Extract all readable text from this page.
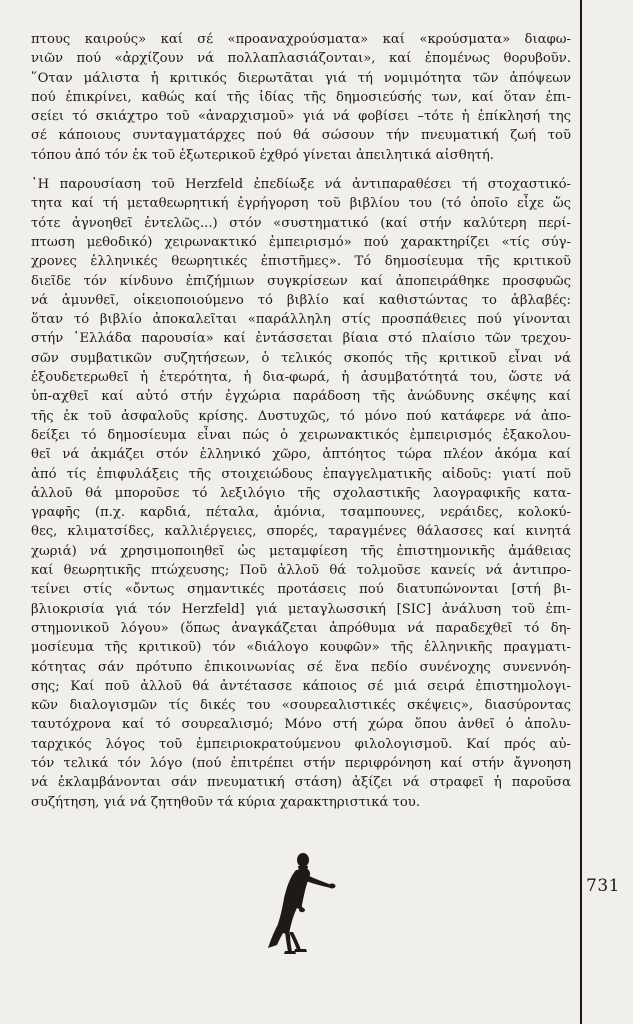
πτους καιρούς» καί σέ «προαναχρούσματα» καί «κρούσματα» διαφω-
νιῶν πού «ἀρχίζουν νά πολλαπλασιάζονται», καί ἐπομένως θορυβοῦν.
῞Οταν μάλιστα ἡ κριτικός διερωτᾶται γιά τή νομιμότητα τῶν ἀπόψεων
πού ἐπικρίνει, καθώς καί τῆς ἰδίας τῆς δημοσιεύσής των, καί ὅταν ἐπι-
σείει τό σκιάχτρο τοῦ «ἀναρχισμοῦ» γιά νά φοβίσει –τότε ἡ ἐπίκλησή της
σέ κάποιους συνταγματάρχες πού θά σώσουν τήν πνευματική ζωή τοῦ
τόπου ἀπό τόν ἐκ τοῦ ἐξωτερικοῦ ἐχθρό γίνεται ἀπειλητικά αἰσθητή.

῾Η παρουσίαση τοῦ Herzfeld ἐπεδίωξε νά ἀντιπαραθέσει τή στοχαστικό-
τητα καί τή μεταθεωρητική ἐγρήγορση τοῦ βιβλίου του (τό ὁποῖο εἶχε ὥς
τότε ἀγνοηθεῖ ἐντελῶς...) στόν «συστηματικό (καί στήν καλύτερη περί-
πτωση μεθοδικό) χειρωνακτικό ἐμπειρισμό» πού χαρακτηρίζει «τίς σύγ-
χρονες ἑλληνικές θεωρητικές ἐπιστῆμες». Τό δημοσίευμα τῆς κριτικοῦ
διεῖδε τόν κίνδυνο ἐπιζήμιων συγκρίσεων καί ἀποπειράθηκε προσφυῶς
νά ἀμυνθεῖ, οἰκειοποιούμενο τό βιβλίο καί καθιστώντας το ἀβλαβές:
ὅταν τό βιβλίο ἀποκαλεῖται «παράλληλη στίς προσπάθειες πού γίνονται
στήν ῾Ελλάδα παρουσία» καί ἐντάσσεται βίαια στό πλαίσιο τῶν τρεχου-
σῶν συμβατικῶν συζητήσεων, ὁ τελικός σκοπός τῆς κριτικοῦ εἶναι νά
ἐξουδετερωθεῖ ἡ ἑτερότητα, ἡ δια-φωρά, ἡ ἀσυμβατότητά του, ὥστε νά
ὑπ-αχθεῖ καί αὐτό στήν ἐγχώρια παράδοση τῆς ἀνώδυνης σκέψης καί
τῆς ἐκ τοῦ ἀσφαλοῦς κρίσης. Δυστυχῶς, τό μόνο πού κατάφερε νά ἀπο-
δείξει τό δημοσίευμα εἶναι πώς ὁ χειρωνακτικός ἐμπειρισμός ἐξακολου-
θεῖ νά ἀκμάζει στόν ἑλληνικό χῶρο, ἀπτόητος τώρα πλέον ἀκόμα καί
ἀπό τίς ἐπιφυλάξεις τῆς στοιχειώδους ἐπαγγελματικῆς αἰδοῦς: γιατί ποῦ
ἀλλοῦ θά μποροῦσε τό λεξιλόγιο τῆς σχολαστικῆς λαογραφικῆς κατα-
γραφῆς (π.χ. καρδιά, πέταλα, ἀμόνια, τσαμπουνες, νεράιδες, κολοκύ-
θες, κλιματσίδες, καλλιέργειες, σπορές, ταραγμένες θάλασσες καί κινητά
χωριά) νά χρησιμοποιηθεῖ ὡς μεταμφίεση τῆς ἐπιστημονικῆς ἀμάθειας
καί θεωρητικῆς πτώχευσης; Ποῦ ἀλλοῦ θά τολμοῦσε κανείς νά ἀντιπρο-
τείνει στίς «ὄντως σημαντικές προτάσεις πού διατυπώνονται [στή βι-
βλιοκρισία γιά τόν Herzfeld] γιά μεταγλωσσική [SIC] ἀνάλυση τοῦ ἐπι-
στημονικοῦ λόγου» (ὅπως ἀναγκάζεται ἀπρόθυμα νά παραδεχθεῖ τό δη-
μοσίευμα τῆς κριτικοῦ) τόν «διάλογο κουφῶν» τῆς ἑλληνικῆς πραγματι-
κότητας σάν πρότυπο ἐπικοινωνίας σέ ἕνα πεδίο συνένοχης συνεννόη-
σης; Καί ποῦ ἀλλοῦ θά ἀντέτασσε κάποιος σέ μιά σειρά ἐπιστημολογι-
κῶν διαλογισμῶν τίς δικές του «σουρεαλιστικές σκέψεις», διασύροντας
ταυτόχρονα καί τό σουρεαλισμό; Μόνο στή χώρα ὅπου ἀνθεῖ ὁ ἀπολυ-
ταρχικός λόγος τοῦ ἐμπειριοκρατούμενου φιλολογισμοῦ. Καί πρός αὐ-
τόν τελικά τόν λόγο (πού ἐπιτρέπει στήν περιφρόνηση καί στήν ἄγνοηση
νά ἐκλαμβάνονται σάν πνευματική στάση) ἀξίζει νά στραφεῖ ἡ παροῦσα
συζήτηση, γιά νά ζητηθοῦν τά κύρια χαρακτηριστικά του.

731
